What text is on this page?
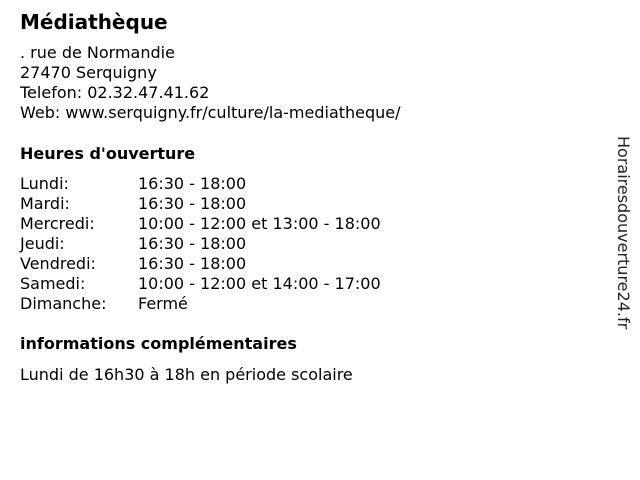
Médiathèque
. rue de Normandie
27470 Serquigny
Telefon: 02.32.47.41.62
Web: www.serquigny.fr/culture/la-mediatheque/
Heures d'ouverture
Lundi:	16:30 - 18:00
Mardi:	16:30 - 18:00
Mercredi:	10:00 - 12:00 et 13:00 - 18:00
Jeudi:	16:30 - 18:00
Vendredi:	16:30 - 18:00
Samedi:	10:00 - 12:00 et 14:00 - 17:00
Dimanche:	Fermé
informations complémentaires
Lundi de 16h30 à 18h en période scolaire
Horairesdouverture24.fr
